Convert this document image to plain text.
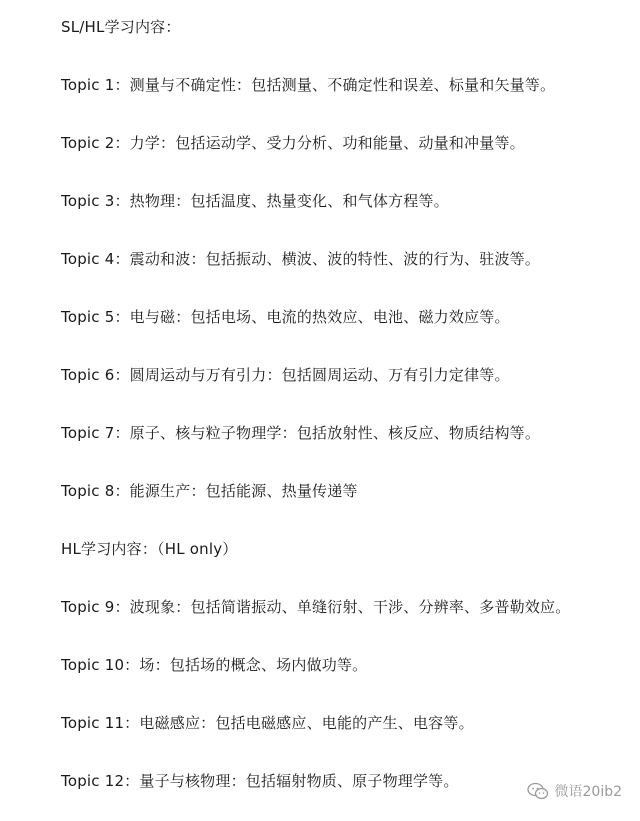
SL/HL学习内容：
Topic 1：测量与不确定性：包括测量、不确定性和误差、标量和矢量等。
Topic 2：力学：包括运动学、受力分析、功和能量、动量和冲量等。
Topic 3：热物理：包括温度、热量变化、和气体方程等。
Topic 4：震动和波：包括振动、横波、波的特性、波的行为、驻波等。
Topic 5：电与磁：包括电场、电流的热效应、电池、磁力效应等。
Topic 6：圆周运动与万有引力：包括圆周运动、万有引力定律等。
Topic 7：原子、核与粒子物理学：包括放射性、核反应、物质结构等。
Topic 8：能源生产：包括能源、热量传递等
HL学习内容：（HL only）
Topic 9：波现象：包括简谐振动、单缝衍射、干涉、分辨率、多普勒效应。
Topic 10：场：包括场的概念、场内做功等。
Topic 11：电磁感应：包括电磁感应、电能的产生、电容等。
Topic 12：量子与核物理：包括辐射物质、原子物理学等。
微语20ib2
